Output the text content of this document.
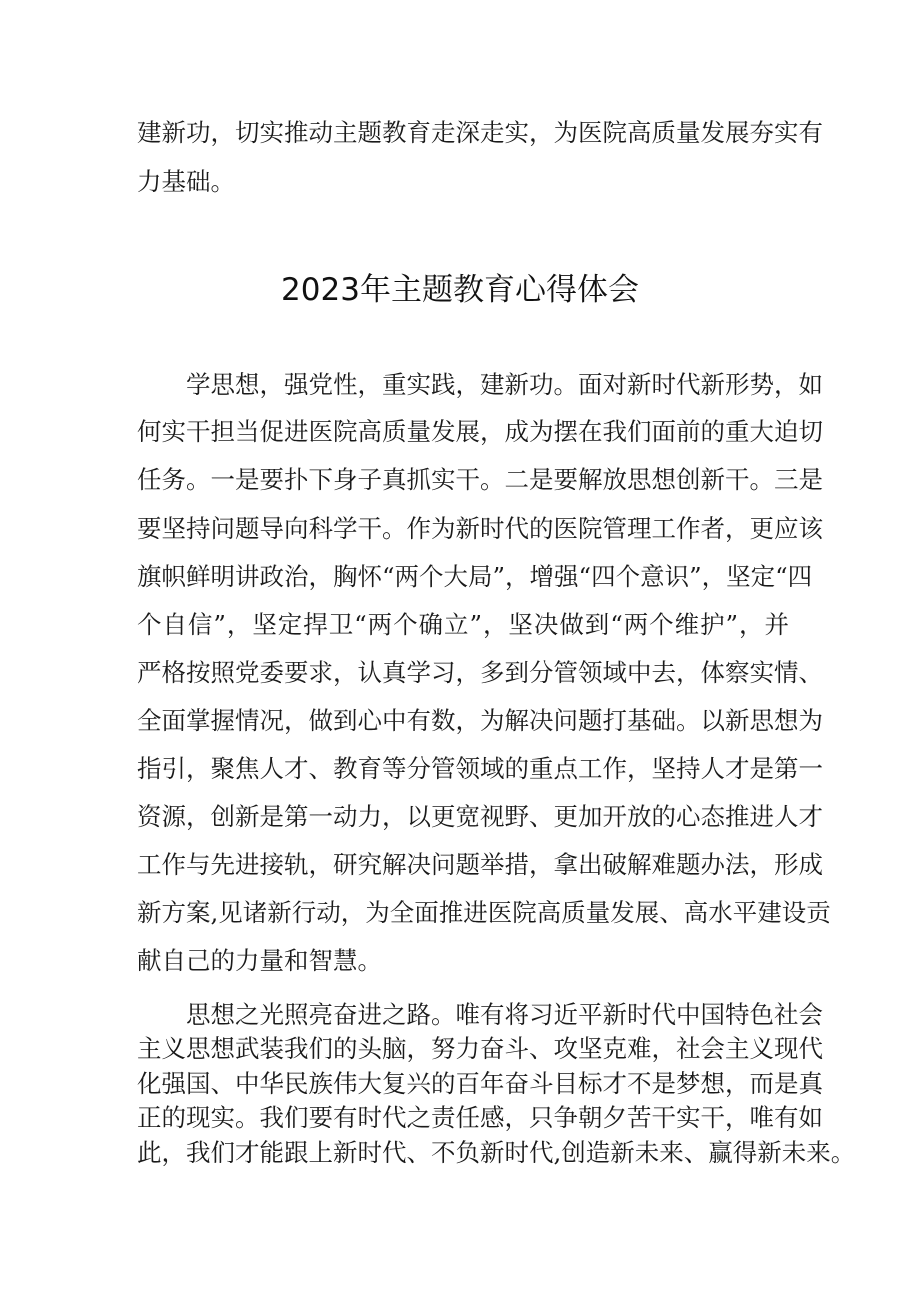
建新功，切实推动主题教育走深走实，为医院高质量发展夯实有
力基础。
2023年主题教育心得体会
学思想，强党性，重实践，建新功。面对新时代新形势，如
何实干担当促进医院高质量发展，成为摆在我们面前的重大迫切
任务。一是要扑下身子真抓实干。二是要解放思想创新干。三是
要坚持问题导向科学干。作为新时代的医院管理工作者，更应该
旗帜鲜明讲政治，胸怀“两个大局”，增强“四个意识”，坚定“四
个自信”，坚定捍卫“两个确立”，坚决做到“两个维护”，并
严格按照党委要求，认真学习，多到分管领域中去，体察实情、
全面掌握情况，做到心中有数，为解决问题打基础。以新思想为
指引，聚焦人才、教育等分管领域的重点工作，坚持人才是第一
资源，创新是第一动力，以更宽视野、更加开放的心态推进人才
工作与先进接轨，研究解决问题举措，拿出破解难题办法，形成
新方案,见诸新行动，为全面推进医院高质量发展、高水平建设贡
献自己的力量和智慧。
思想之光照亮奋进之路。唯有将习近平新时代中国特色社会
主义思想武装我们的头脑，努力奋斗、攻坚克难，社会主义现代
化强国、中华民族伟大复兴的百年奋斗目标才不是梦想，而是真
正的现实。我们要有时代之责任感，只争朝夕苦干实干，唯有如
此，我们才能跟上新时代、不负新时代,创造新未来、赢得新未来。
